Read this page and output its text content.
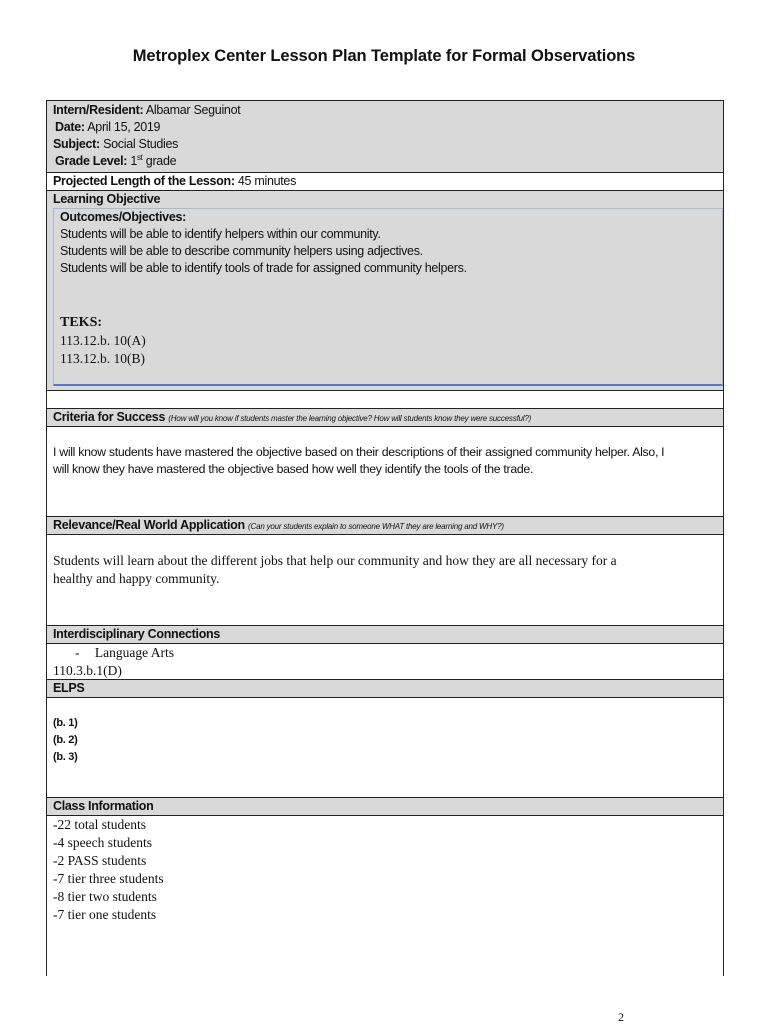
Metroplex Center Lesson Plan Template for Formal Observations
Intern/Resident: Albamar Seguinot
Date: April 15, 2019
Subject: Social Studies
Grade Level: 1st grade
Projected Length of the Lesson: 45 minutes
Learning Objective
Outcomes/Objectives:
Students will be able to identify helpers within our community.
Students will be able to describe community helpers using adjectives.
Students will be able to identify tools of trade for assigned community helpers.
TEKS:
113.12.b. 10(A)
113.12.b. 10(B)
Criteria for Success (How will you know if students master the learning objective? How will students know they were successful?)
I will know students have mastered the objective based on their descriptions of their assigned community helper. Also, I
will know they have mastered the objective based how well they identify the tools of the trade.
Relevance/Real World Application (Can your students explain to someone WHAT they are learning and WHY?)
Students will learn about the different jobs that help our community and how they are all necessary for a
healthy and happy community.
Interdisciplinary Connections
- Language Arts
110.3.b.1(D)
ELPS
(b. 1)
(b. 2)
(b. 3)
Class Information
-22 total students
-4 speech students
-2 PASS students
-7 tier three students
-8 tier two students
-7 tier one students
2
